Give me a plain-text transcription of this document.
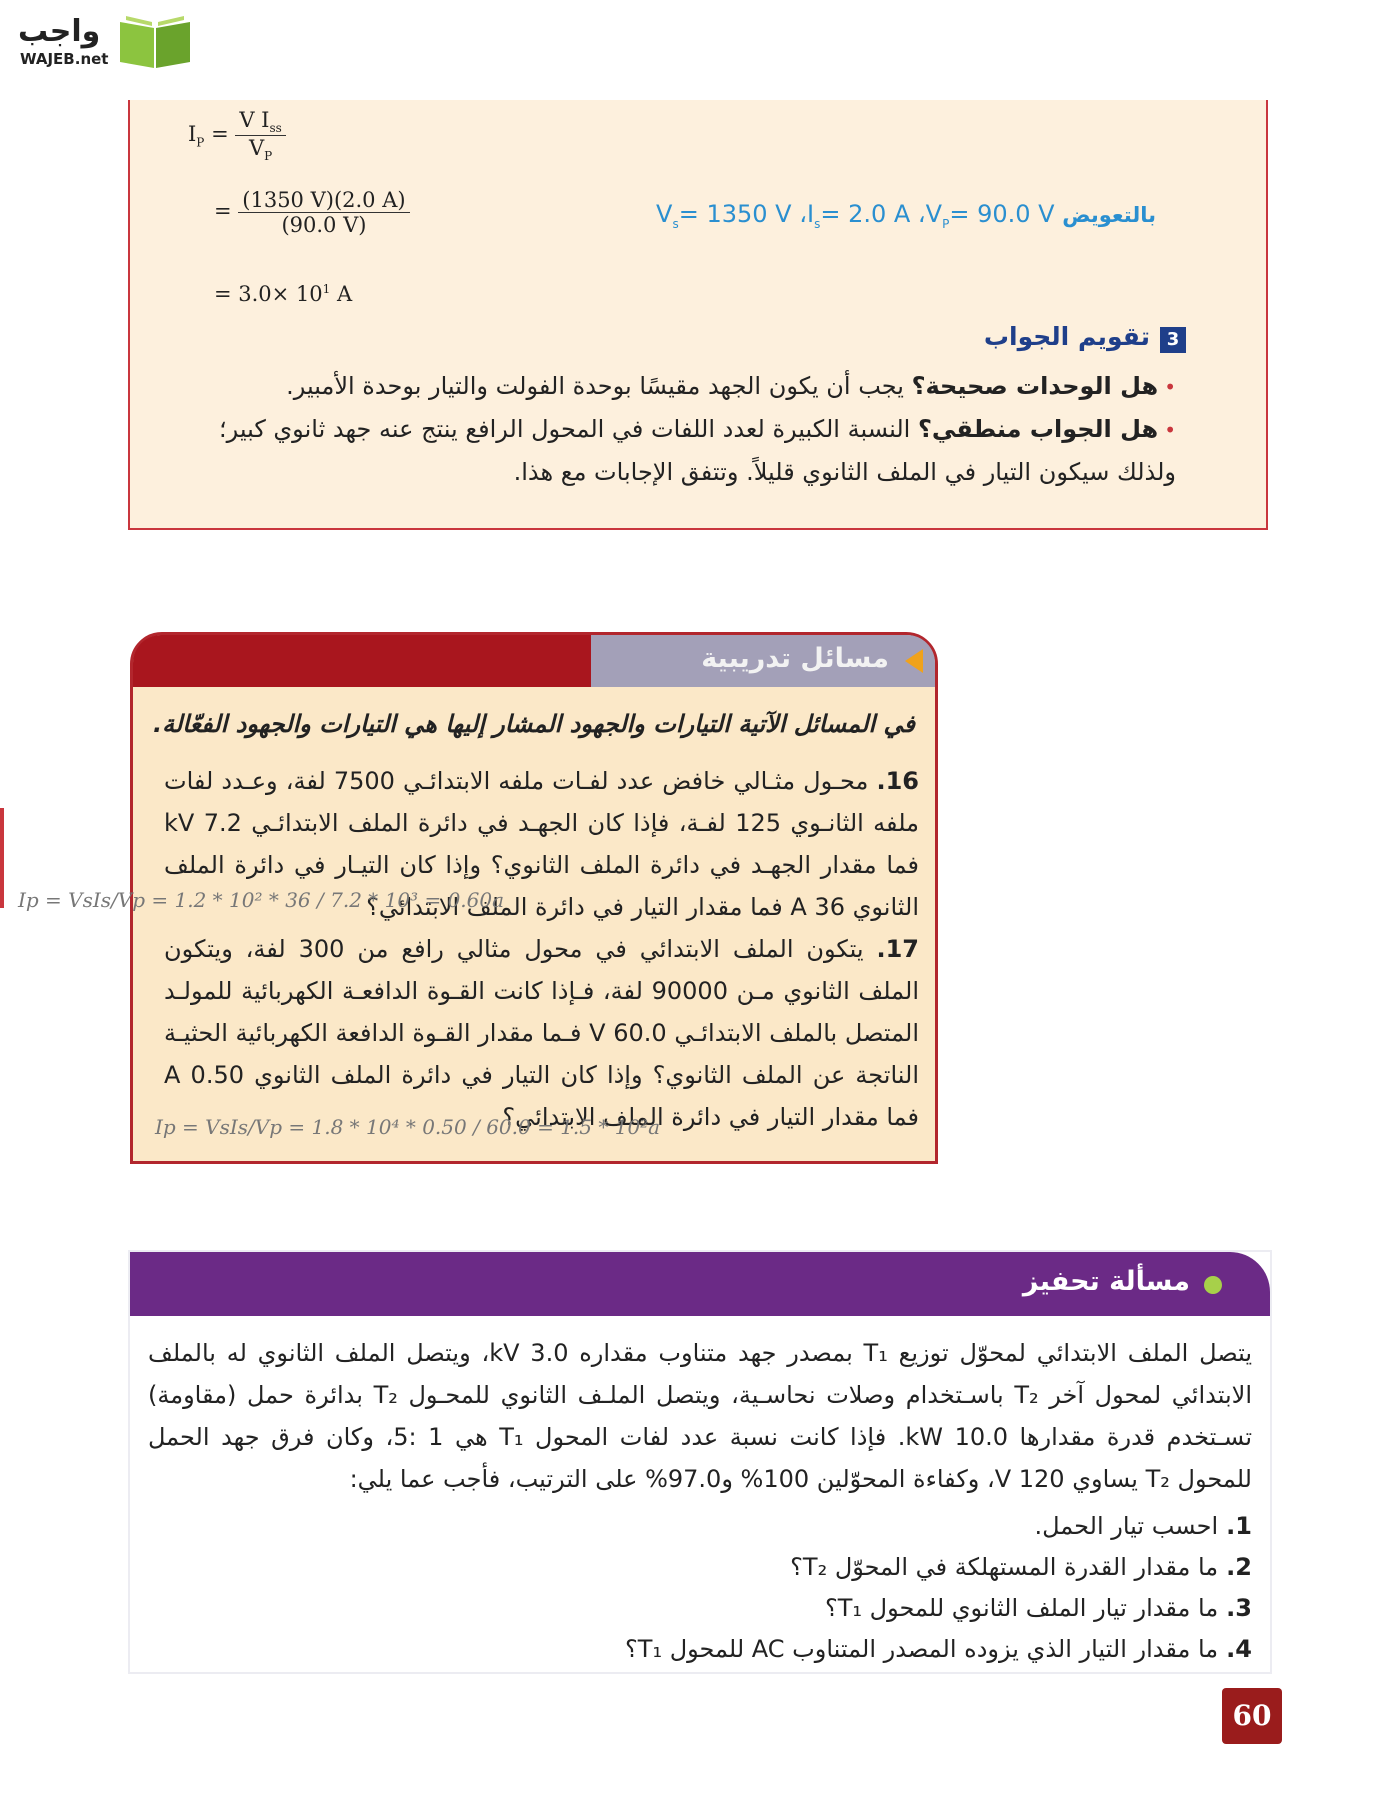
واجب
WAJEB.net
$I_P = \frac{V I_{ss}}{V_P}$
= $\frac{(1350 V)(2.0 A)}{(90.0 V)}$
= $3.0\times 10^1$ A
بالتعويض $V_s= 1350$ V $،I_s= 2.0$ A $،V_P= 90.0$ V
3تقويم الجواب
•هل الوحدات صحيحة؟ يجب أن يكون الجهد مقيسًا بوحدة الفولت والتيار بوحدة الأمبير.
•هل الجواب منطقي؟ النسبة الكبيرة لعدد اللفات في المحول الرافع ينتج عنه جهد ثانوي كبير؛ ولذلك سيكون التيار في الملف الثانوي قليلاً. وتتفق الإجابات مع هذا.
مسائل تدريبية
في المسائل الآتية التيارات والجهود المشار إليها هي التيارات والجهود الفعّالة.
16. محـول مثـالي خافض عدد لفـات ملفه الابتدائـي 7500 لفة، وعـدد لفات ملفه الثانـوي 125 لفـة، فإذا كان الجهـد في دائرة الملف الابتدائـي 7.2 kV فما مقدار الجهـد في دائرة الملف الثانوي؟ وإذا كان التيـار في دائرة الملف الثانوي 36 A فما مقدار التيار في دائرة الملف الابتدائي؟
17. يتكون الملف الابتدائي في محول مثالي رافع من 300 لفة، ويتكون الملف الثانوي مـن 90000 لفة، فـإذا كانت القـوة الدافعـة الكهربائية للمولـد المتصل بالملف الابتدائـي 60.0 V فـما مقدار القـوة الدافعة الكهربائية الحثيـة الناتجة عن الملف الثانوي؟ وإذا كان التيار في دائرة الملف الثانوي 0.50 A فما مقدار التيار في دائرة الملف الابتدائي؟
Ip = VsIs/Vp = 1.8 * 10⁴ * 0.50 / 60.0 = 1.5 * 10²a
Ip = VsIs/Vp = 1.2 * 10² * 36 / 7.2 * 10³ = 0.60a
مسألة تحفيز
يتصل الملف الابتدائي لمحوّل توزيع T₁ بمصدر جهد متناوب مقداره 3.0 kV، ويتصل الملف الثانوي له بالملف الابتدائي لمحول آخر T₂ باسـتخدام وصلات نحاسـية، ويتصل الملـف الثانوي للمحـول T₂ بدائرة حمل (مقاومة) تسـتخدم قدرة مقدارها 10.0 kW. فإذا كانت نسبة عدد لفات المحول T₁ هي 1 :5، وكان فرق جهد الحمل للمحول T₂ يساوي 120 V، وكفاءة المحوّلين 100% و97.0% على الترتيب، فأجب عما يلي:
1.احسب تيار الحمل.
2.ما مقدار القدرة المستهلكة في المحوّل T₂؟
3.ما مقدار تيار الملف الثانوي للمحول T₁؟
4.ما مقدار التيار الذي يزوده المصدر المتناوب AC للمحول T₁؟
60
